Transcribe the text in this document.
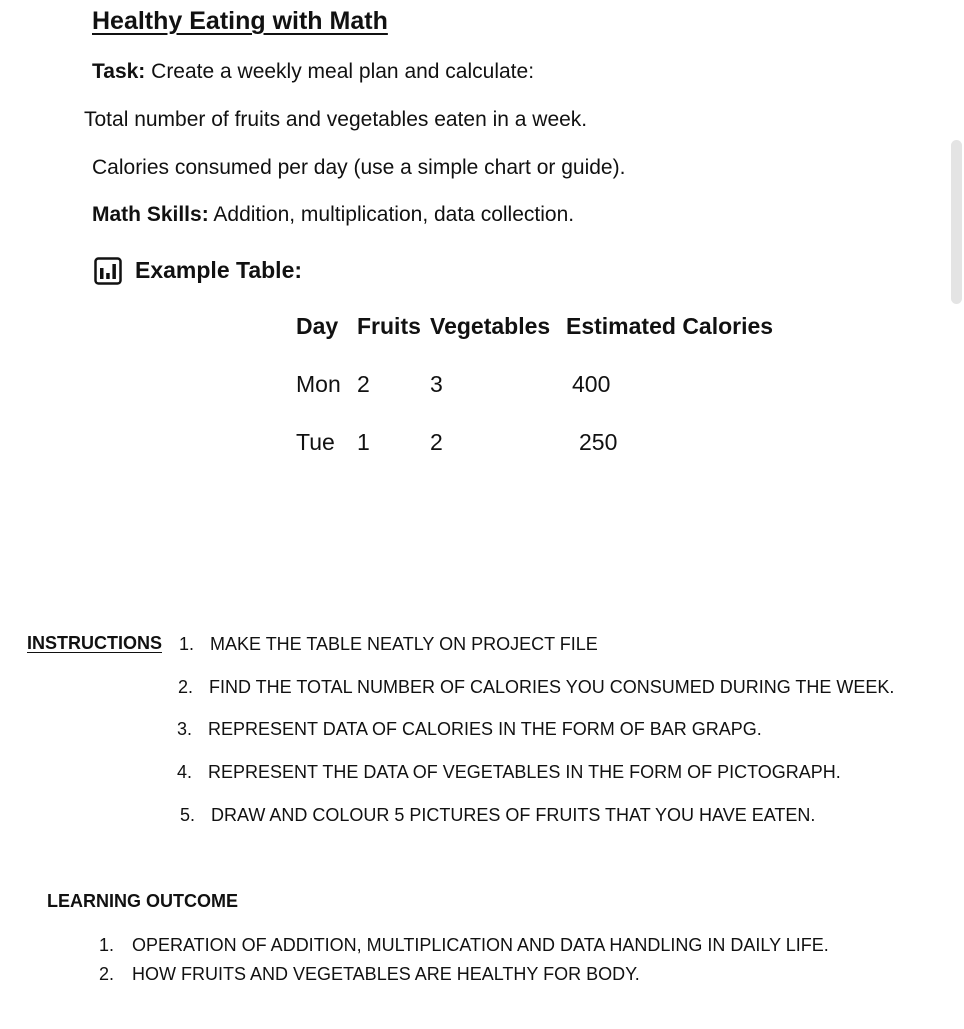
Healthy Eating with Math
Task: Create a weekly meal plan and calculate:
Total number of fruits and vegetables eaten in a week.
Calories consumed per day (use a simple chart or guide).
Math Skills: Addition, multiplication, data collection.
Example Table:
Day Fruits Vegetables Estimated Calories
Mon 2	3	400
Tue 1	2	250
INSTRUCTIONS 1. MAKE THE TABLE NEATLY ON PROJECT FILE
2. FIND THE TOTAL NUMBER OF CALORIES YOU CONSUMED DURING THE WEEK.
3. REPRESENT DATA OF CALORIES IN THE FORM OF BAR GRAPG.
4. REPRESENT THE DATA OF VEGETABLES IN THE FORM OF PICTOGRAPH.
5. DRAW AND COLOUR 5 PICTURES OF FRUITS THAT YOU HAVE EATEN.
LEARNING OUTCOME
1. OPERATION OF ADDITION, MULTIPLICATION AND DATA HANDLING IN DAILY LIFE.
2. HOW FRUITS AND VEGETABLES ARE HEALTHY FOR BODY.
